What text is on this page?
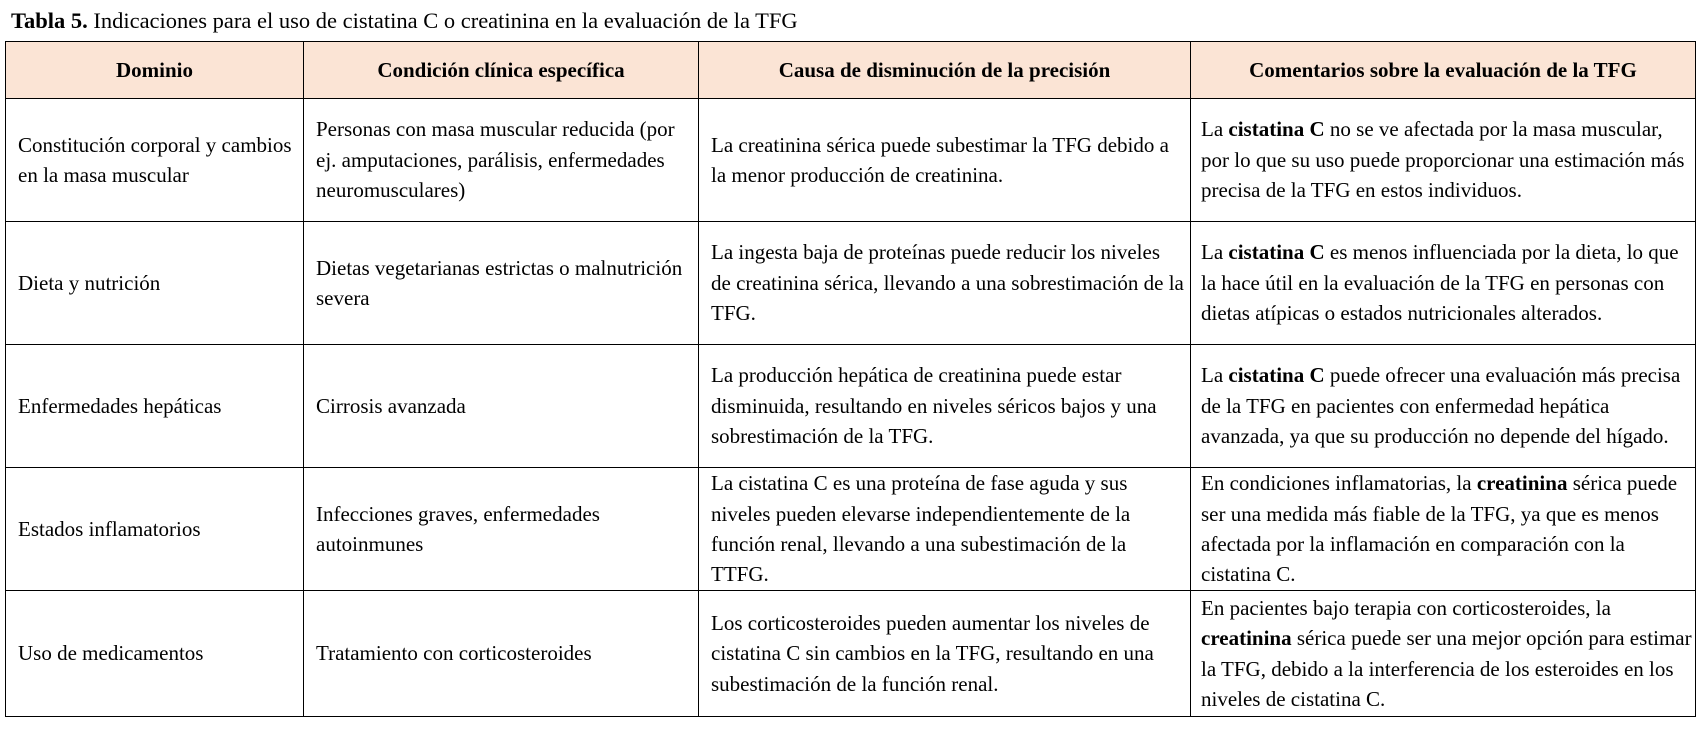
Tabla 5. Indicaciones para el uso de cistatina C o creatinina en la evaluación de la TFG
Dominio	Condición clínica específica	Causa de disminución de la precisión	Comentarios sobre la evaluación de la TFG
Constitución corporal y cambios en la masa muscular	Personas con masa muscular reducida (por ej. amputaciones, parálisis, enfermedades neuromusculares)	La creatinina sérica puede subestimar la TFG debido a la menor producción de creatinina.	La cistatina C no se ve afectada por la masa muscular, por lo que su uso puede proporcionar una estimación más precisa de la TFG en estos individuos.
Dieta y nutrición	Dietas vegetarianas estrictas o malnutrición severa	La ingesta baja de proteínas puede reducir los niveles de creatinina sérica, llevando a una sobrestimación de la TFG.	La cistatina C es menos influenciada por la dieta, lo que la hace útil en la evaluación de la TFG en personas con dietas atípicas o estados nutricionales alterados.
Enfermedades hepáticas	Cirrosis avanzada	La producción hepática de creatinina puede estar disminuida, resultando en niveles séricos bajos y una sobrestimación de la TFG.	La cistatina C puede ofrecer una evaluación más precisa de la TFG en pacientes con enfermedad hepática avanzada, ya que su producción no depende del hígado.
Estados inflamatorios	Infecciones graves, enfermedades autoinmunes	La cistatina C es una proteína de fase aguda y sus niveles pueden elevarse independientemente de la función renal, llevando a una subestimación de la TTFG.	En condiciones inflamatorias, la creatinina sérica puede ser una medida más fiable de la TFG, ya que es menos afectada por la inflamación en comparación con la cistatina C.
Uso de medicamentos	Tratamiento con corticosteroides	Los corticosteroides pueden aumentar los niveles de cistatina C sin cambios en la TFG, resultando en una subestimación de la función renal.	En pacientes bajo terapia con corticosteroides, la creatinina sérica puede ser una mejor opción para estimar la TFG, debido a la interferencia de los esteroides en los niveles de cistatina C.
